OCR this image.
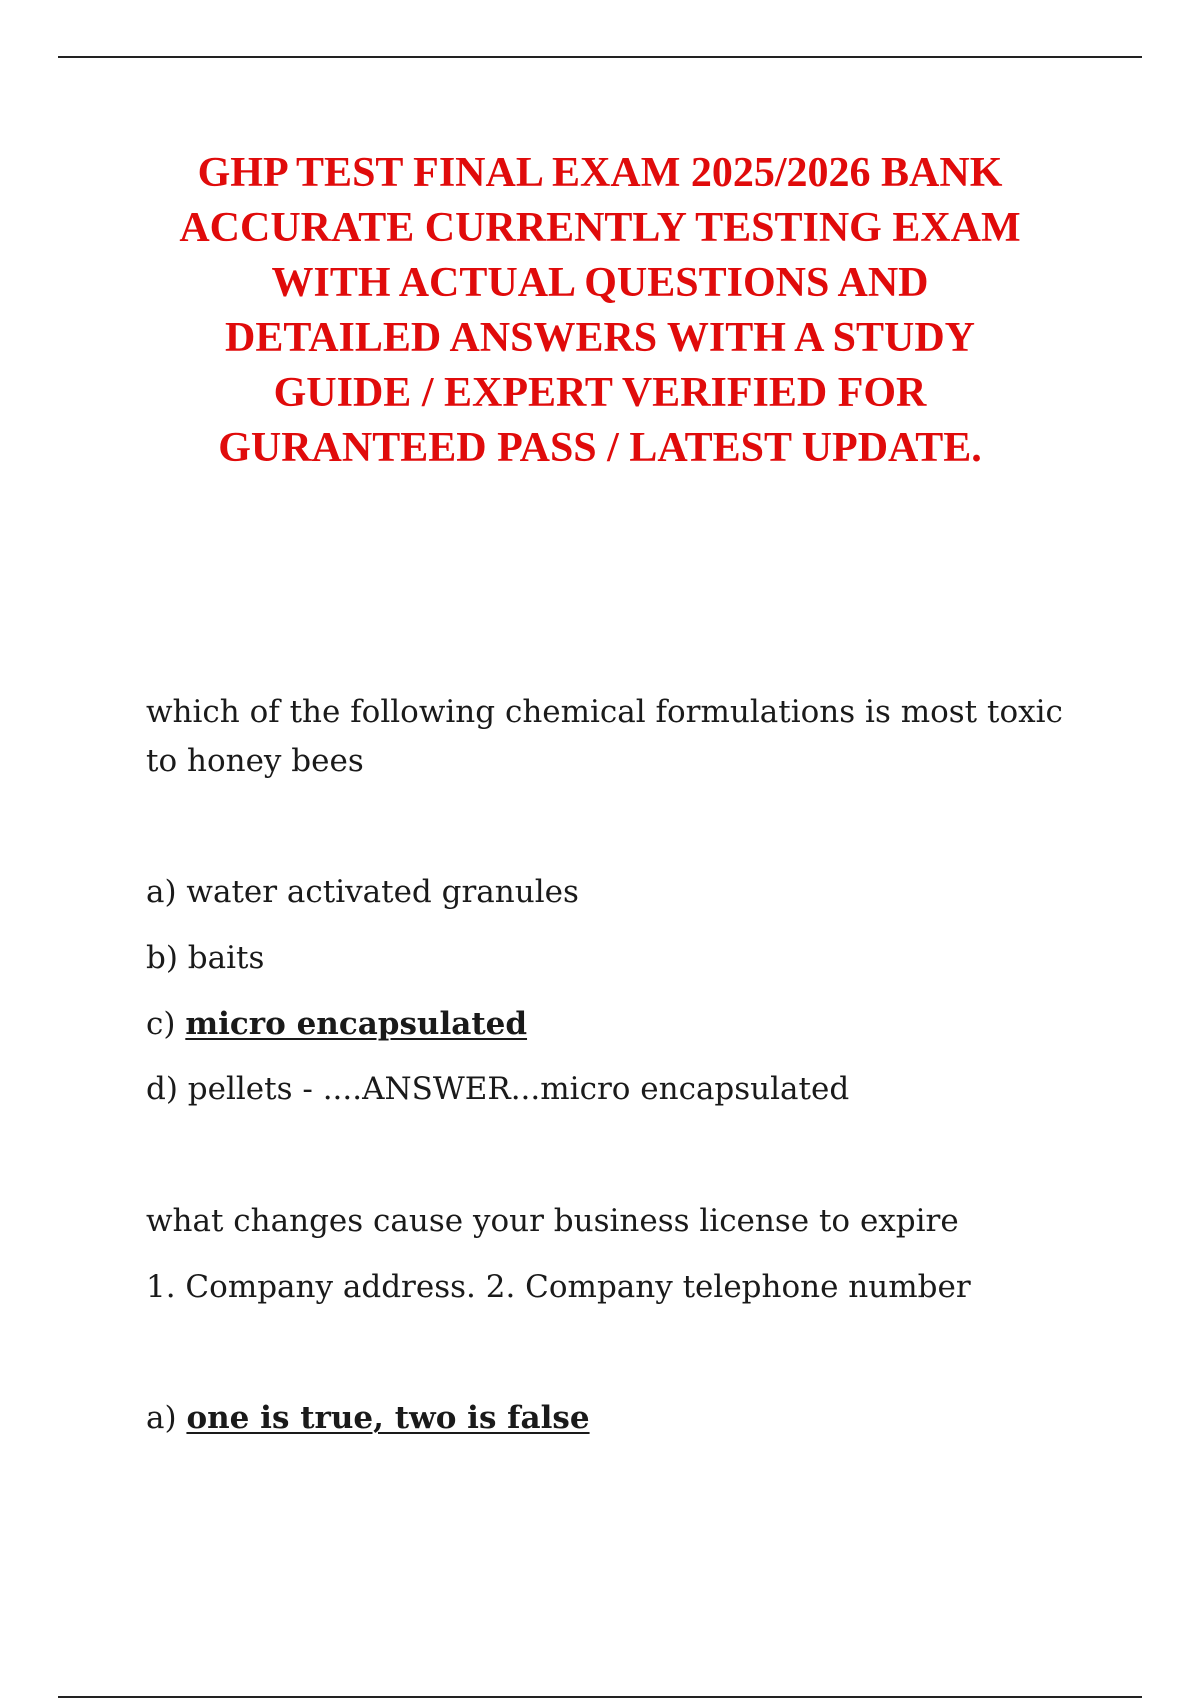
GHP TEST FINAL EXAM 2025/2026 BANK
ACCURATE CURRENTLY TESTING EXAM
WITH ACTUAL QUESTIONS AND
DETAILED ANSWERS WITH A STUDY
GUIDE / EXPERT VERIFIED FOR
GURANTEED PASS / LATEST UPDATE.
which of the following chemical formulations is most toxic
to honey bees
a) water activated granules
b) baits
c) micro encapsulated
d) pellets - ....ANSWER...micro encapsulated
what changes cause your business license to expire
1. Company address. 2. Company telephone number
a) one is true, two is false
